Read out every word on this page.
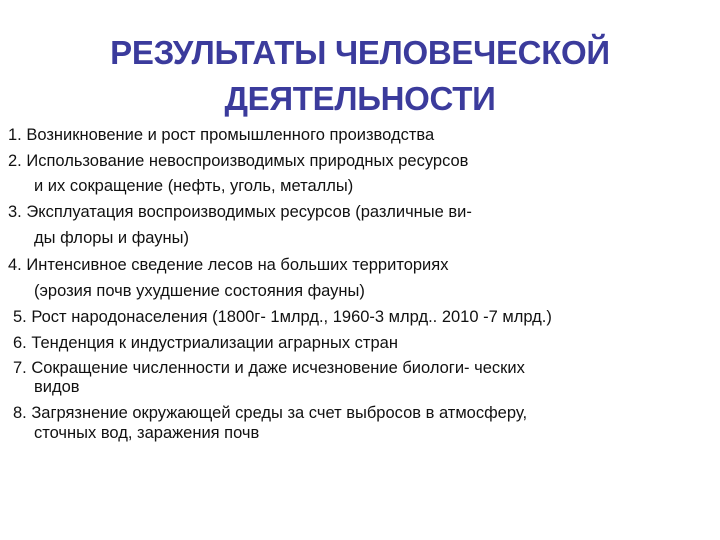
РЕЗУЛЬТАТЫ ЧЕЛОВЕЧЕСКОЙ
ДЕЯТЕЛЬНОСТИ
1. Возникновение и рост промышленного производства
2. Использование невоспроизводимых природных ресурсов
и их сокращение (нефть, уголь, металлы)
3. Эксплуатация воспроизводимых ресурсов (различные ви-
ды флоры и фауны)
4. Интенсивное сведение лесов на больших территориях
(эрозия почв ухудшение состояния фауны)
5. Рост народонаселения (1800г- 1млрд., 1960-3 млрд.. 2010 -7 млрд.)
6. Тенденция к индустриализации аграрных стран
7. Сокращение численности и даже исчезновение биологи- ческих
видов
8. Загрязнение окружающей среды за счет выбросов в атмосферу,
сточных вод, заражения почв
